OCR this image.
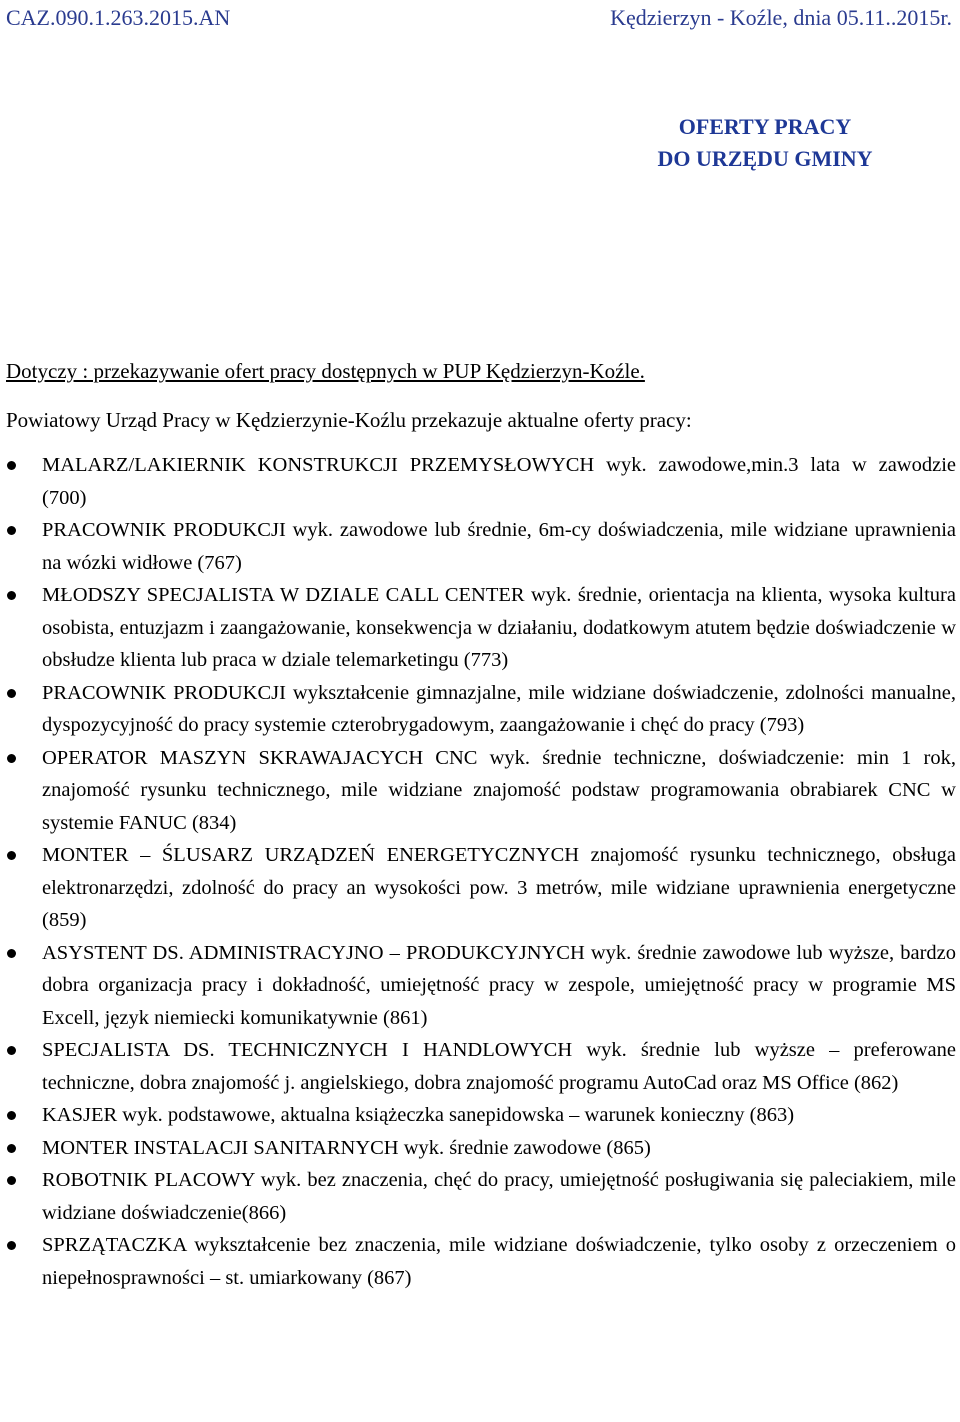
CAZ.090.1.263.2015.AN	Kędzierzyn - Koźle, dnia 05.11..2015r.
OFERTY PRACY
DO URZĘDU GMINY
Dotyczy : przekazywanie ofert pracy dostępnych w PUP Kędzierzyn-Koźle.
Powiatowy Urząd Pracy w Kędzierzynie-Koźlu przekazuje aktualne oferty pracy:
MALARZ/LAKIERNIK KONSTRUKCJI PRZEMYSŁOWYCH wyk. zawodowe,min.3 lata w zawodzie (700)
PRACOWNIK PRODUKCJI wyk. zawodowe lub średnie, 6m-cy doświadczenia, mile widziane uprawnienia na wózki widłowe (767)
MŁODSZY SPECJALISTA W DZIALE CALL CENTER wyk. średnie, orientacja na klienta, wysoka kultura osobista, entuzjazm i zaangażowanie, konsekwencja w działaniu, dodatkowym atutem będzie doświadczenie w obsłudze klienta lub praca w dziale telemarketingu (773)
PRACOWNIK PRODUKCJI wykształcenie gimnazjalne, mile widziane doświadczenie, zdolności manualne, dyspozycyjność do pracy systemie czterobrygadowym, zaangażowanie i chęć do pracy (793)
OPERATOR MASZYN SKRAWAJACYCH CNC wyk. średnie techniczne, doświadczenie: min 1 rok, znajomość rysunku technicznego, mile widziane znajomość podstaw programowania obrabiarek CNC w systemie FANUC (834)
MONTER – ŚLUSARZ URZĄDZEŃ ENERGETYCZNYCH znajomość rysunku technicznego, obsługa elektronarzędzi, zdolność do pracy an wysokości pow. 3 metrów, mile widziane uprawnienia energetyczne (859)
ASYSTENT DS. ADMINISTRACYJNO – PRODUKCYJNYCH wyk. średnie zawodowe lub wyższe, bardzo dobra organizacja pracy i dokładność, umiejętność pracy w zespole, umiejętność pracy w programie MS Excell, język niemiecki komunikatywnie (861)
SPECJALISTA DS. TECHNICZNYCH I HANDLOWYCH wyk. średnie lub wyższe – preferowane techniczne, dobra znajomość j. angielskiego, dobra znajomość programu AutoCad oraz MS Office (862)
KASJER wyk. podstawowe, aktualna książeczka sanepidowska – warunek konieczny (863)
MONTER INSTALACJI SANITARNYCH wyk. średnie zawodowe (865)
ROBOTNIK PLACOWY wyk. bez znaczenia, chęć do pracy, umiejętność posługiwania się paleciakiem, mile widziane doświadczenie(866)
SPRZĄTACZKA wykształcenie bez znaczenia, mile widziane doświadczenie, tylko osoby z orzeczeniem o niepełnosprawności – st. umiarkowany (867)
